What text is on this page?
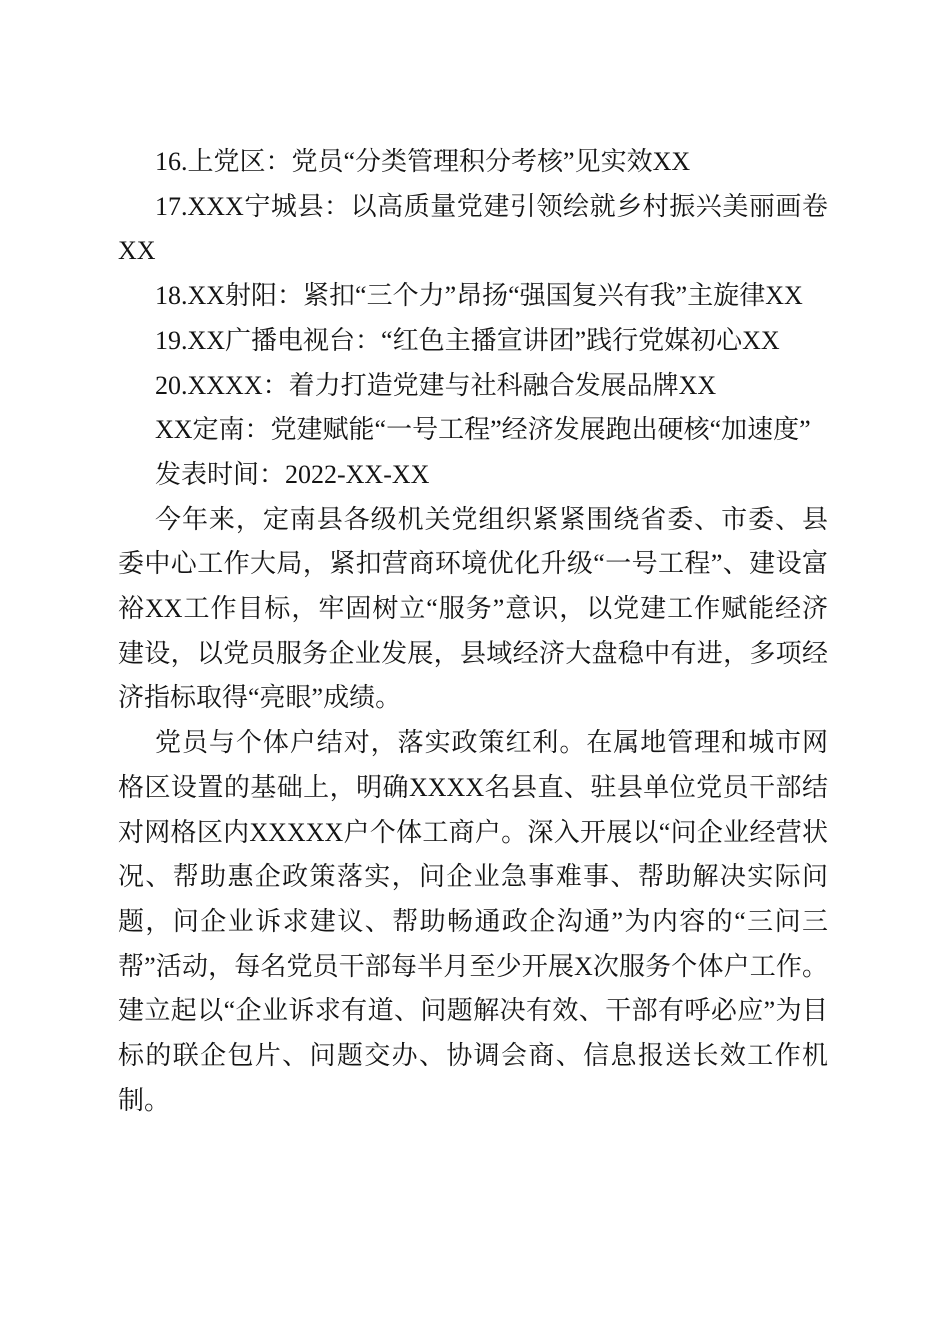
16.上党区：党员“分类管理积分考核”见实效XX

17.XXX宁城县：以高质量党建引领绘就乡村振兴美丽画卷XX

18.XX射阳：紧扣“三个力”昂扬“强国复兴有我”主旋律XX

19.XX广播电视台：“红色主播宣讲团”践行党媒初心XX

20.XXXX：着力打造党建与社科融合发展品牌XX

XX定南：党建赋能“一号工程”经济发展跑出硬核“加速度”

发表时间：2022-XX-XX

今年来，定南县各级机关党组织紧紧围绕省委、市委、县委中心工作大局，紧扣营商环境优化升级“一号工程”、建设富裕XX工作目标，牢固树立“服务”意识，以党建工作赋能经济建设，以党员服务企业发展，县域经济大盘稳中有进，多项经济指标取得“亮眼”成绩。

党员与个体户结对，落实政策红利。在属地管理和城市网格区设置的基础上，明确XXXX名县直、驻县单位党员干部结对网格区内XXXXX户个体工商户。深入开展以“问企业经营状况、帮助惠企政策落实，问企业急事难事、帮助解决实际问题，问企业诉求建议、帮助畅通政企沟通”为内容的“三问三帮”活动，每名党员干部每半月至少开展X次服务个体户工作。建立起以“企业诉求有道、问题解决有效、干部有呼必应”为目标的联企包片、问题交办、协调会商、信息报送长效工作机制。
